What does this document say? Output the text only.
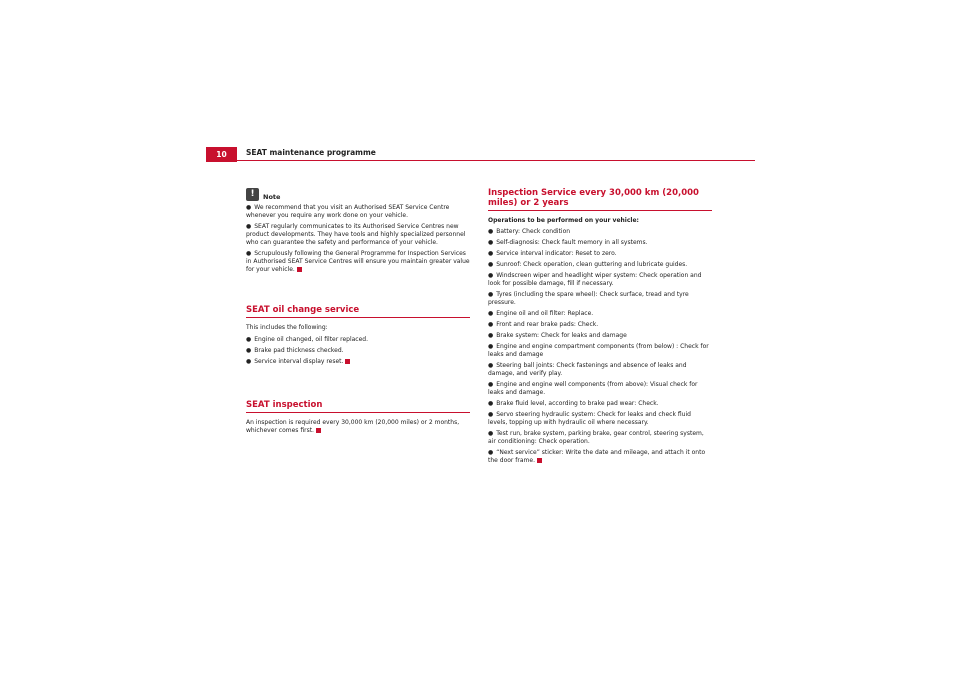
10	SEAT maintenance programme
! Note
● We recommend that you visit an Authorised SEAT Service Centre whenever you require any work done on your vehicle.
● SEAT regularly communicates to its Authorised Service Centres new product developments. They have tools and highly specialized personnel who can guarantee the safety and performance of your vehicle.
● Scrupulously following the General Programme for Inspection Services in Authorised SEAT Service Centres will ensure you maintain greater value for your vehicle.
SEAT oil change service
This includes the following:
● Engine oil changed, oil filter replaced.
● Brake pad thickness checked.
● Service interval display reset.
SEAT inspection
An inspection is required every 30,000 km (20,000 miles) or 2 months, whichever comes first.
Inspection Service every 30,000 km (20,000 miles) or 2 years
Operations to be performed on your vehicle:
● Battery: Check condition
● Self-diagnosis: Check fault memory in all systems.
● Service interval indicator: Reset to zero.
● Sunroof: Check operation, clean guttering and lubricate guides.
● Windscreen wiper and headlight wiper system: Check operation and look for possible damage, fill if necessary.
● Tyres (including the spare wheel): Check surface, tread and tyre pressure.
● Engine oil and oil filter: Replace.
● Front and rear brake pads: Check.
● Brake system: Check for leaks and damage
● Engine and engine compartment components (from below) : Check for leaks and damage
● Steering ball joints: Check fastenings and absence of leaks and damage, and verify play.
● Engine and engine well components (from above): Visual check for leaks and damage.
● Brake fluid level, according to brake pad wear: Check.
● Servo steering hydraulic system: Check for leaks and check fluid levels, topping up with hydraulic oil where necessary.
● Test run, brake system, parking brake, gear control, steering system, air conditioning: Check operation.
● “Next service” sticker: Write the date and mileage, and attach it onto the door frame.
